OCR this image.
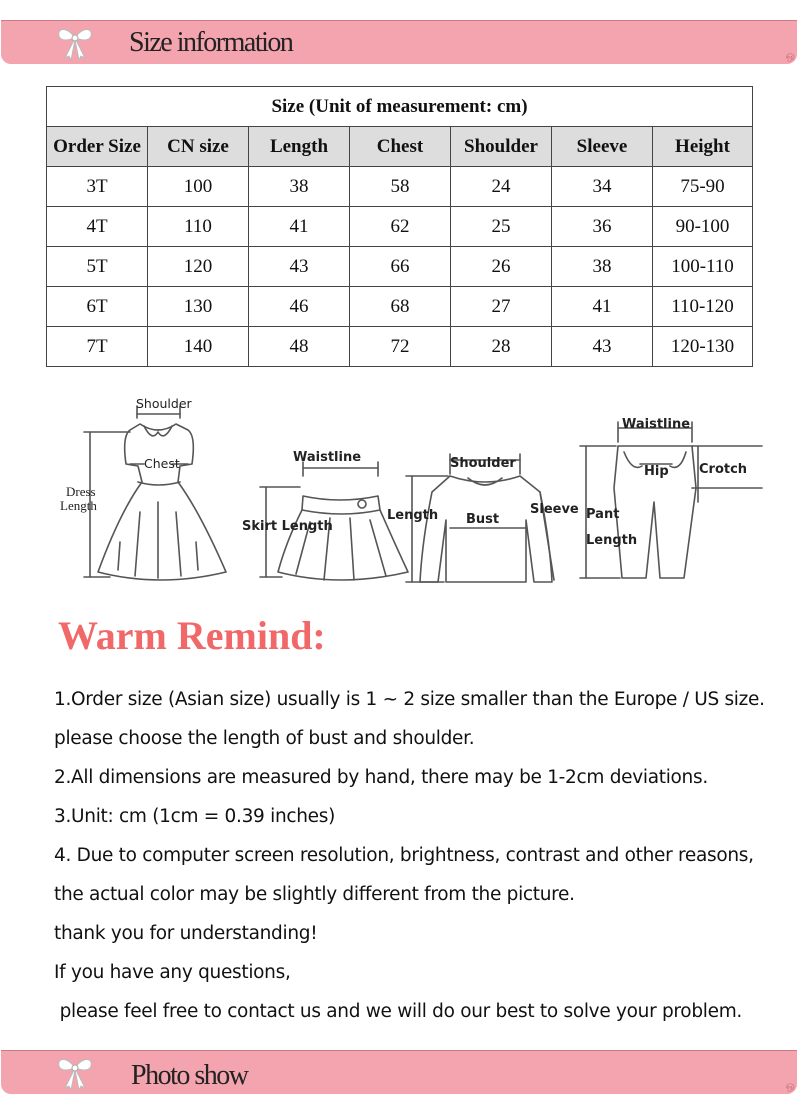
Size information	ஒ
Size (Unit of measurement: cm)						
Order Size	CN size	Length	Chest	Shoulder	Sleeve	Height
3T	100	38	58	24	34	75-90
4T	110	41	62	25	36	90-100
5T	120	43	66	26	38	100-110
6T	130	46	68	27	41	110-120
7T	140	48	72	28	43	120-130
Shoulder
Chest
Dress
Length
Waistline
Skirt Length
Shoulder
Length Bust
Sleeve
Waistline
Hip Crotch
Pant
Length
Warm Remind:

1.Order size (Asian size) usually is 1 ~ 2 size smaller than the Europe / US size.

please choose the length of bust and shoulder.

2.All dimensions are measured by hand, there may be 1-2cm deviations.

3.Unit: cm (1cm = 0.39 inches)

4. Due to computer screen resolution, brightness, contrast and other reasons,

the actual color may be slightly different from the picture.

thank you for understanding!

If you have any questions,

please feel free to contact us and we will do our best to solve your problem.

Photo show	ஒ
